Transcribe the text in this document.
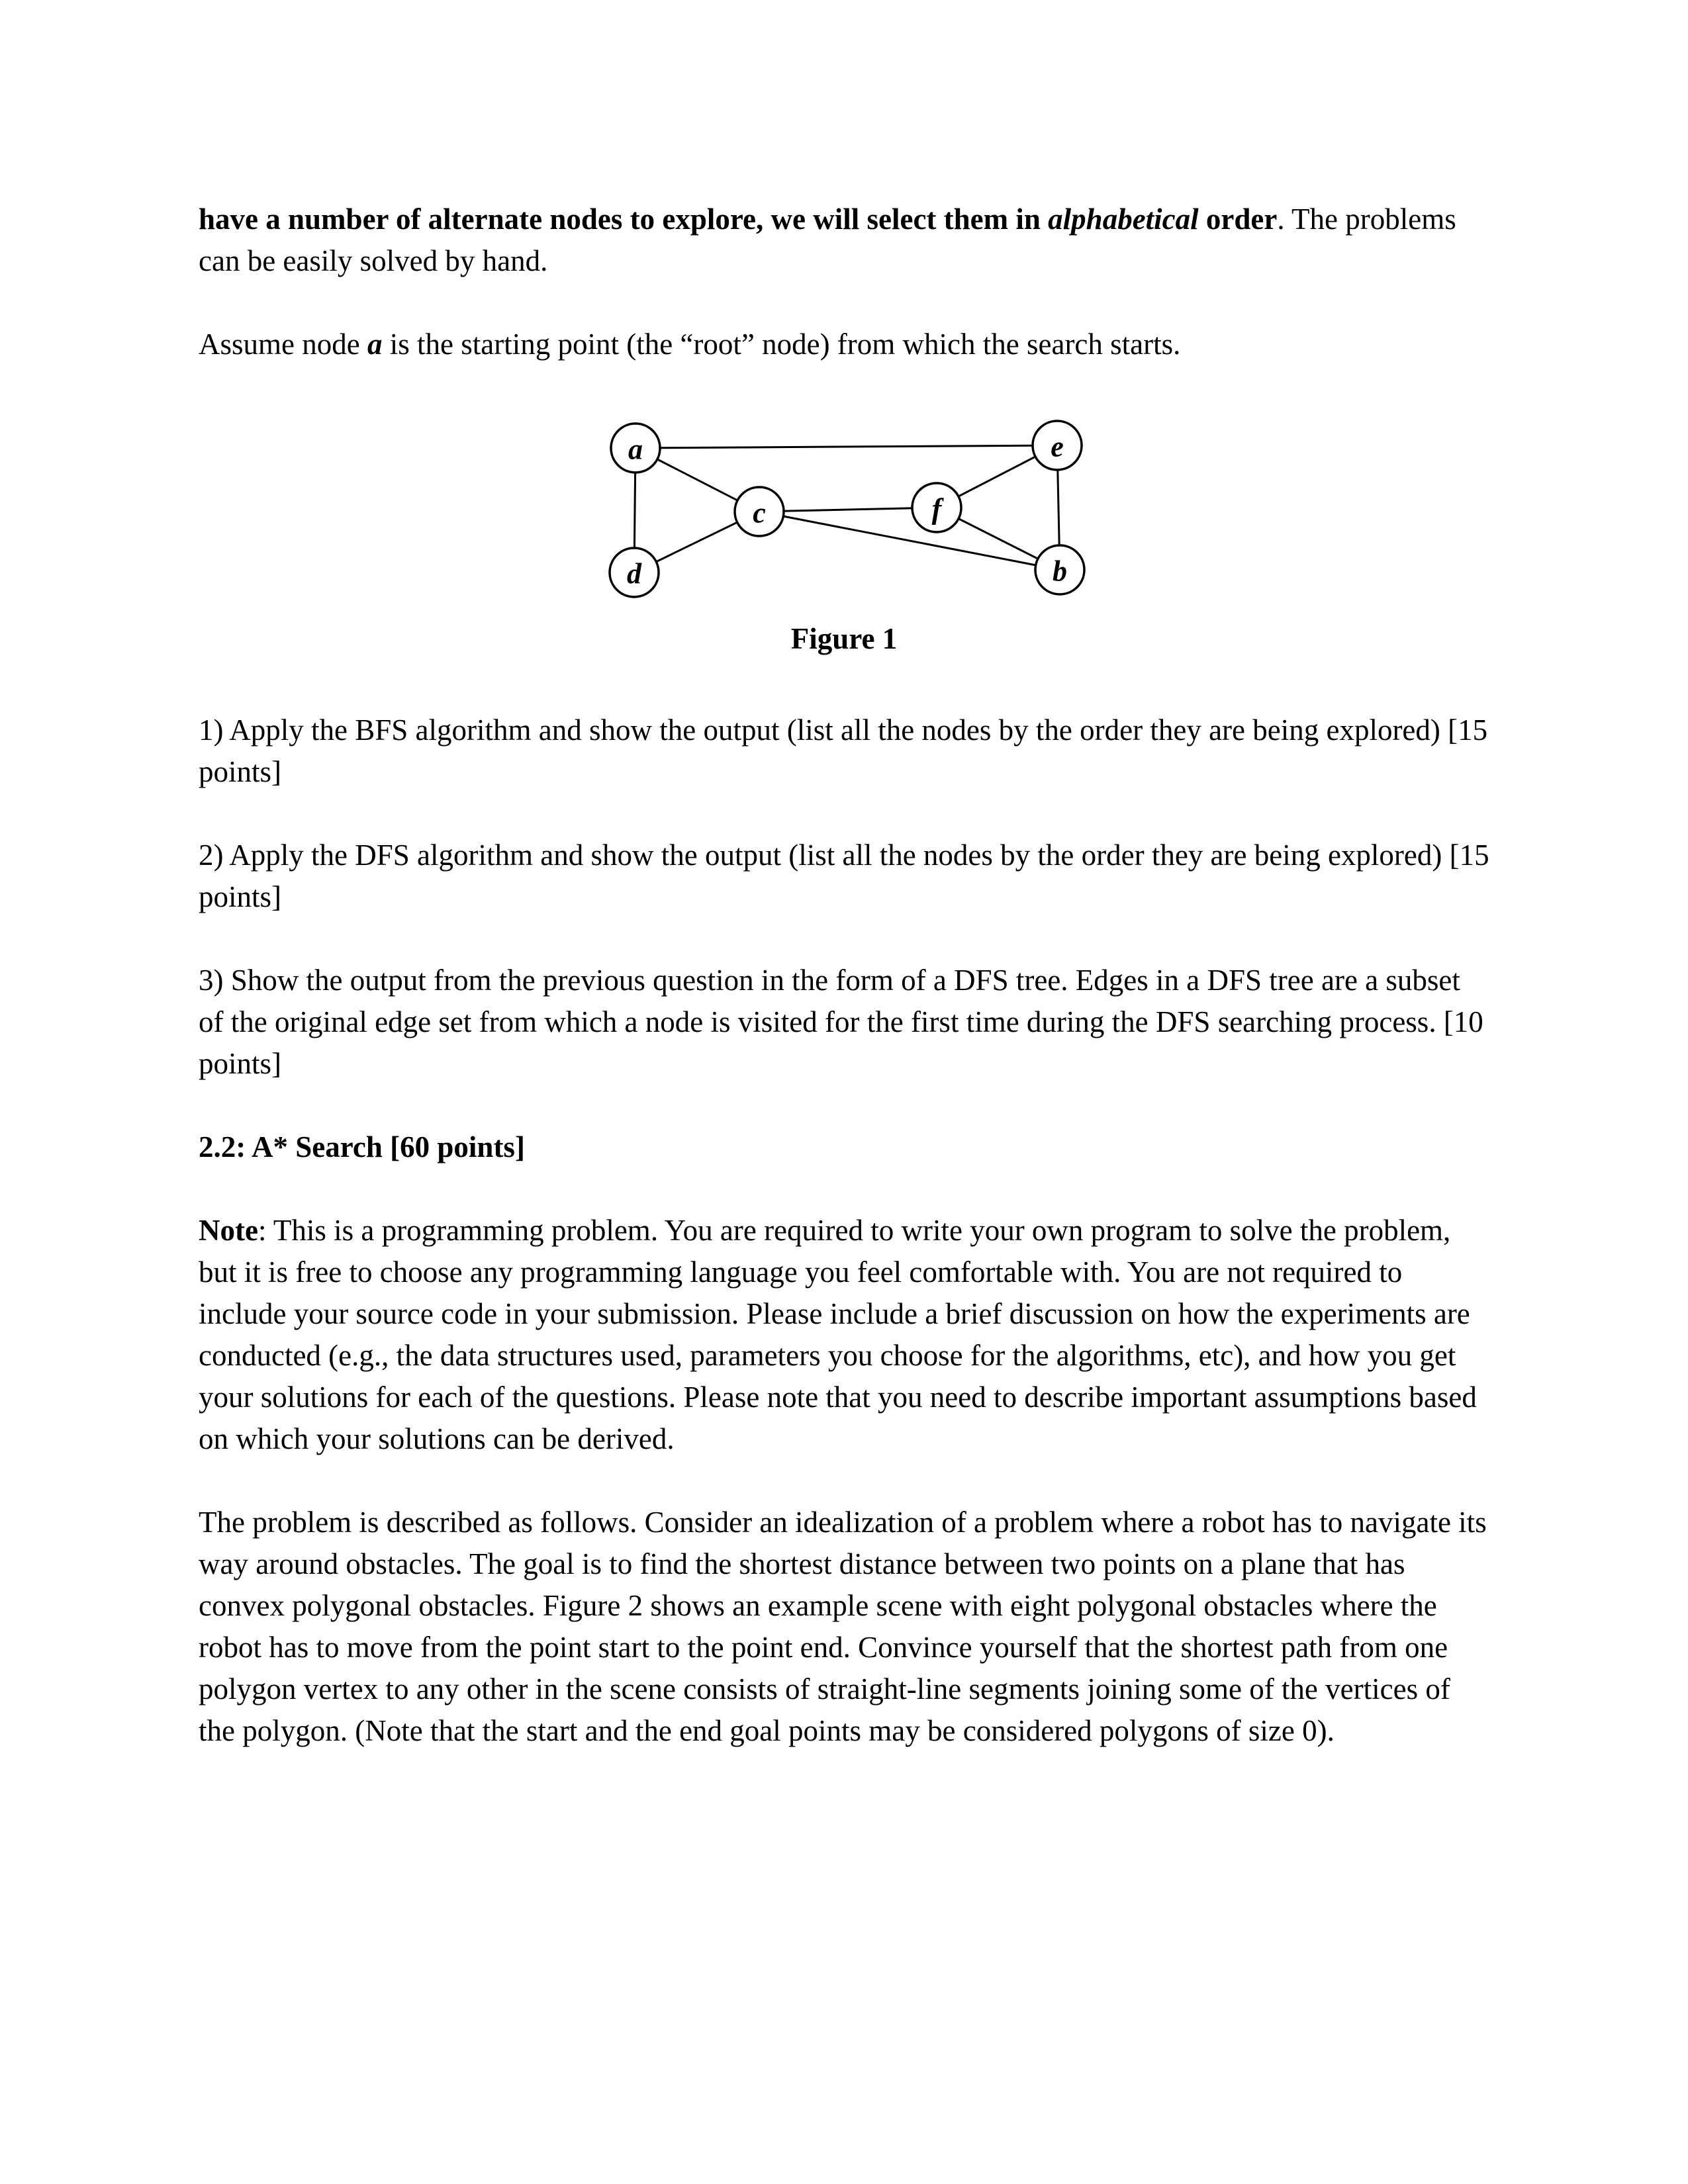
have a number of alternate nodes to explore, we will select them in alphabetical order. The problems can be easily solved by hand.

Assume node a is the starting point (the “root” node) from which the search starts.

a	e
c	f
d	b
Figure 1

1) Apply the BFS algorithm and show the output (list all the nodes by the order they are being explored) [15 points]

2) Apply the DFS algorithm and show the output (list all the nodes by the order they are being explored) [15 points]

3) Show the output from the previous question in the form of a DFS tree. Edges in a DFS tree are a subset of the original edge set from which a node is visited for the first time during the DFS searching process. [10 points]

2.2: A* Search [60 points]

Note: This is a programming problem. You are required to write your own program to solve the problem, but it is free to choose any programming language you feel comfortable with. You are not required to include your source code in your submission. Please include a brief discussion on how the experiments are conducted (e.g., the data structures used, parameters you choose for the algorithms, etc), and how you get your solutions for each of the questions. Please note that you need to describe important assumptions based on which your solutions can be derived.

The problem is described as follows. Consider an idealization of a problem where a robot has to navigate its way around obstacles. The goal is to find the shortest distance between two points on a plane that has convex polygonal obstacles. Figure 2 shows an example scene with eight polygonal obstacles where the robot has to move from the point start to the point end. Convince yourself that the shortest path from one polygon vertex to any other in the scene consists of straight-line segments joining some of the vertices of the polygon. (Note that the start and the end goal points may be considered polygons of size 0).
